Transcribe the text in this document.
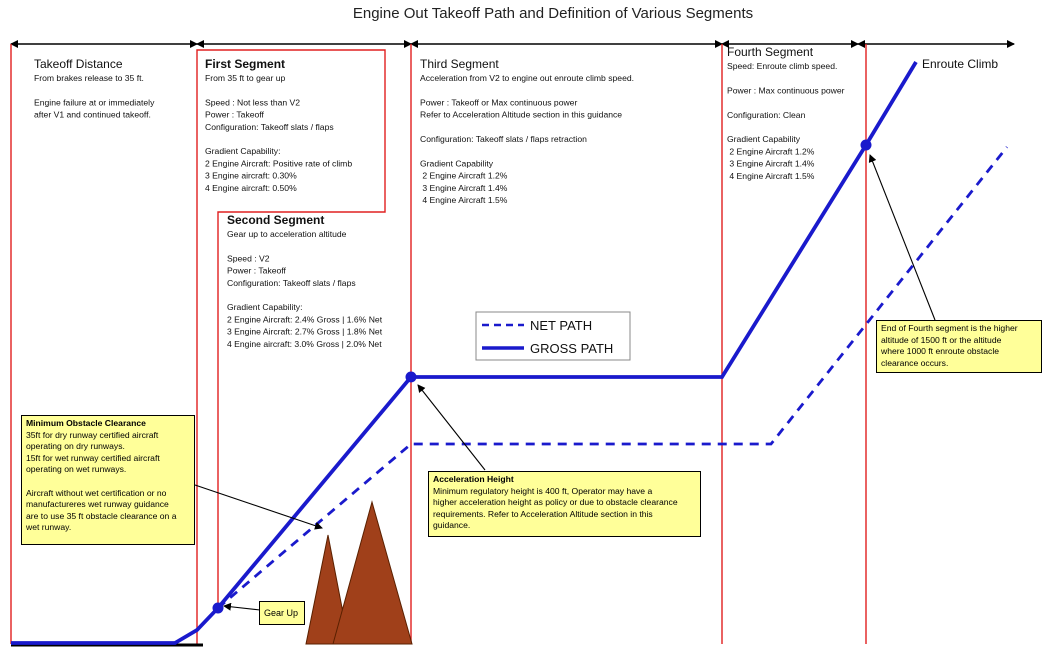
Engine Out Takeoff Path and Definition of Various Segments
Takeoff Distance
From brakes release to 35 ft. Engine failure at or immediately after V1 and continued takeoff.
First Segment
From 35 ft to gear up Speed : Not less than V2 Power : Takeoff Configuration: Takeoff slats / flaps Gradient Capability: 2 Engine Aircraft: Positive rate of climb 3 Engine aircraft: 0.30% 4 Engine aircraft: 0.50%
Second Segment
Gear up to acceleration altitude Speed : V2 Power : Takeoff Configuration: Takeoff slats / flaps Gradient Capability: 2 Engine Aircraft: 2.4% Gross | 1.6% Net 3 Engine Aircraft: 2.7% Gross | 1.8% Net 4 Engine aircraft: 3.0% Gross | 2.0% Net
Third Segment
Acceleration from V2 to engine out enroute climb speed. Power : Takeoff or Max continuous power Refer to Acceleration Altitude section in this guidance Configuration: Takeoff slats / flaps retraction Gradient Capability 2 Engine Aircraft 1.2% 3 Engine Aircraft 1.4% 4 Engine Aircraft 1.5%
Fourth Segment
Speed: Enroute climb speed. Power : Max continuous power Configuration: Clean Gradient Capability 2 Engine Aircraft 1.2% 3 Engine Aircraft 1.4% 4 Engine Aircraft 1.5%
Enroute Climb
NET PATH
GROSS PATH
Minimum Obstacle Clearance
35ft for dry runway certified aircraft
operating on dry runways.
15ft for wet runway certified aircraft
operating on wet runways.

Aircraft without wet certification or no
manufactureres wet runway guidance
are to use 35 ft obstacle clearance on a
wet runway.
Acceleration Height
Minimum regulatory height is 400 ft, Operator may have a
higher acceleration height as policy or due to obstacle clearance
requirements. Refer to Acceleration Altitude section in this
guidance.
Gear Up
End of Fourth segment is the higher
altitude of 1500 ft or the altitude
where 1000 ft enroute obstacle
clearance occurs.
